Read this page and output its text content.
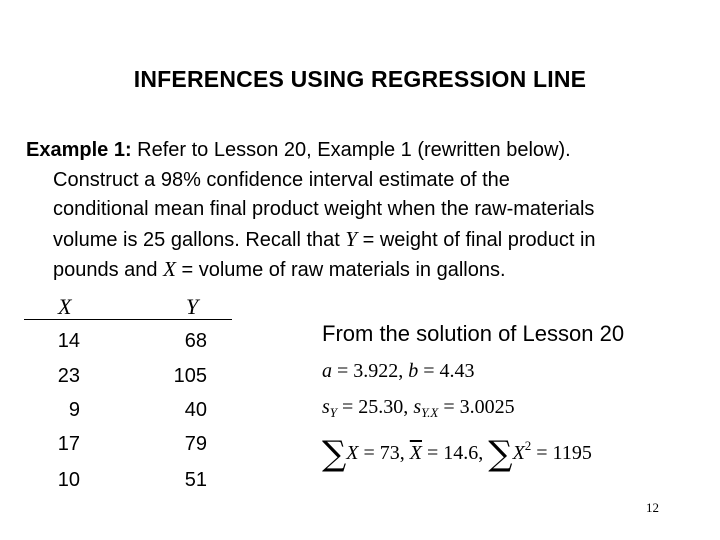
INFERENCES USING REGRESSION LINE
Example 1: Refer to Lesson 20, Example 1 (rewritten below).
Construct a 98% confidence interval estimate of the
conditional mean final product weight when the raw-materials
volume is 25 gallons. Recall that Y = weight of final product in
pounds and X = volume of raw materials in gallons.
X	Y
14	68
23	105
9	40
17	79
10	51
From the solution of Lesson 20
a = 3.922, b = 4.43
$s_Y = 25.30$, $s_{Y.X} = 3.0025$
∑X = 73, $\overline{X} = 14.6$, $\sum X^2 = 1195$
12
